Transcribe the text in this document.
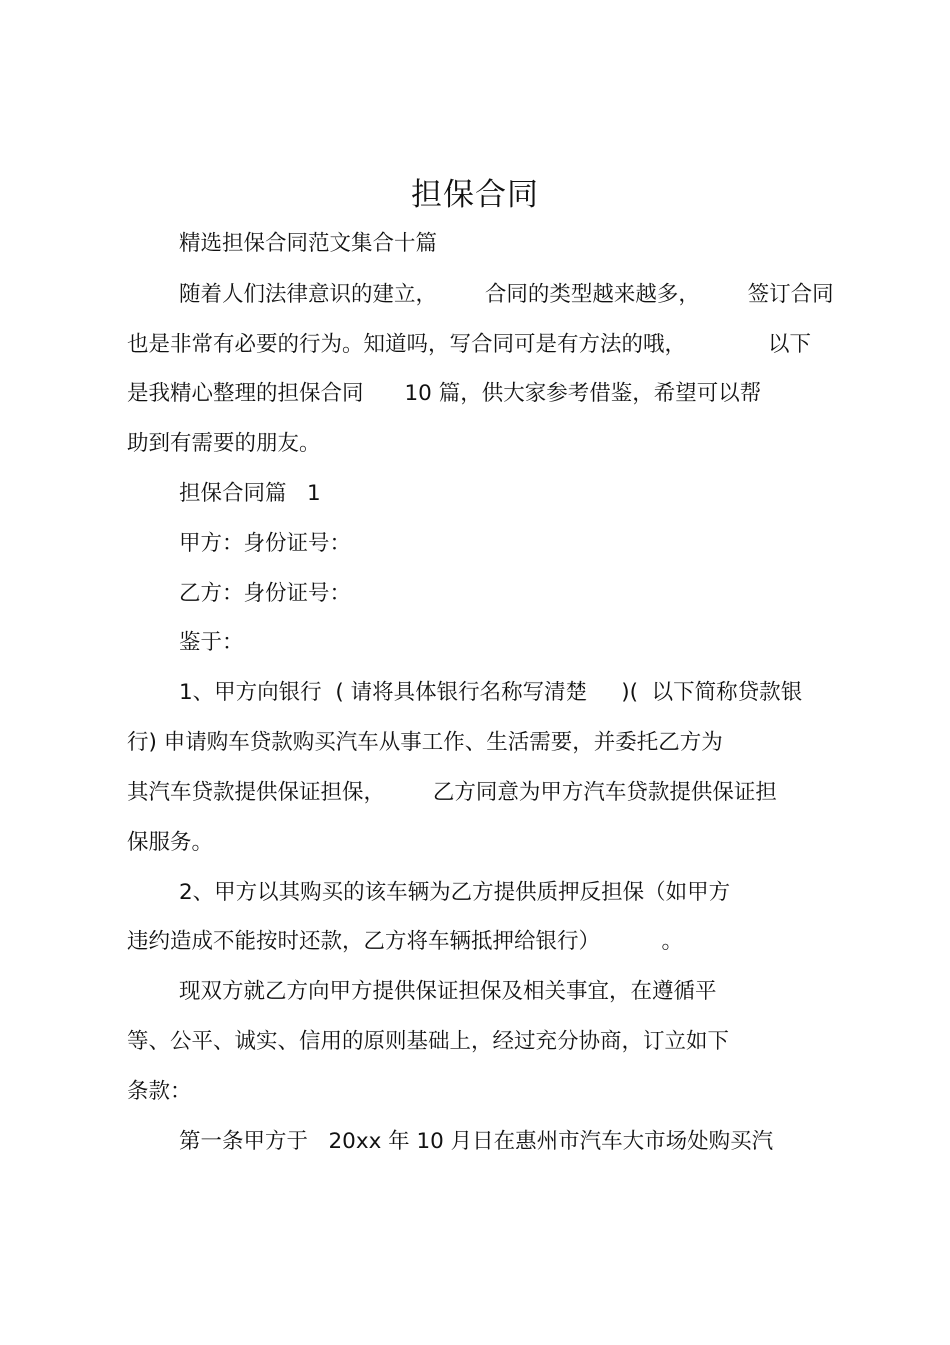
担保合同
精选担保合同范文集合十篇
随着人们法律意识的建立，       合同的类型越来越多，       签订合同
也是非常有必要的行为。知道吗，写合同可是有方法的哦，            以下
是我精心整理的担保合同      10 篇，供大家参考借鉴，希望可以帮
助到有需要的朋友。
担保合同篇   1
甲方：身份证号：
乙方：身份证号：
鉴于：
1、甲方向银行  ( 请将具体银行名称写清楚     )(  以下简称贷款银
行) 申请购车贷款购买汽车从事工作、生活需要，并委托乙方为
其汽车贷款提供保证担保，       乙方同意为甲方汽车贷款提供保证担
保服务。
2、甲方以其购买的该车辆为乙方提供质押反担保（如甲方
违约造成不能按时还款，乙方将车辆抵押给银行）         。
现双方就乙方向甲方提供保证担保及相关事宜，在遵循平
等、公平、诚实、信用的原则基础上，经过充分协商，订立如下
条款：
第一条甲方于   20xx 年 10 月日在惠州市汽车大市场处购买汽
